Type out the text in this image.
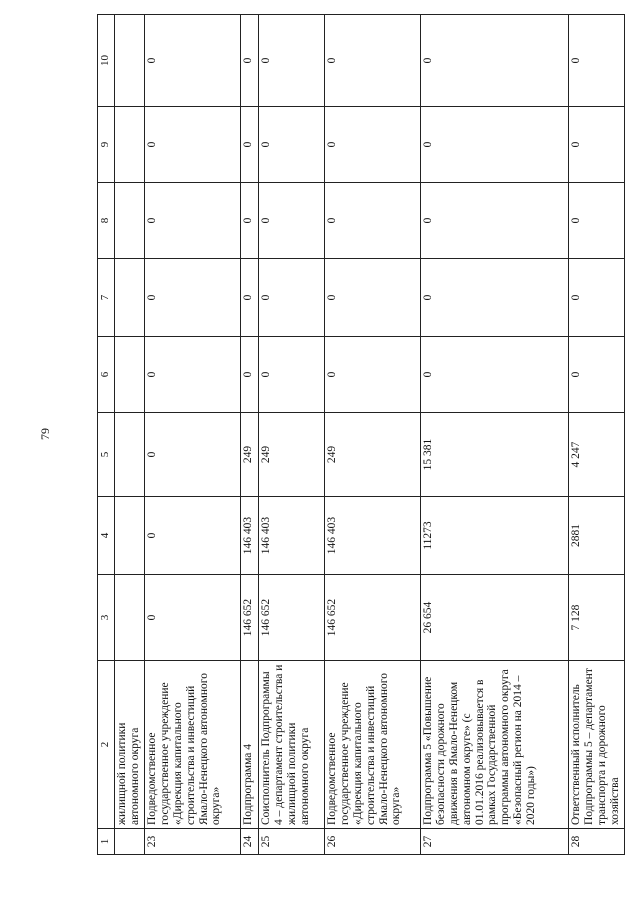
79
1	2	3	4	5	6	7	8	9	10
	жилищной политики автономного округа								
23	Подведомственное государственное учреждение «Дирекция капитального строительства и инвестиций Ямало-Ненецкого автономного округа»	0	0	0	0	0	0	0	0
24	Подпрограмма 4	146 652	146 403	249	0	0	0	0	0
25	Соисполнитель Подпрограммы 4 – департамент строительства и жилищной политики автономного округа	146 652	146 403	249	0	0	0	0	0
26	Подведомственное государственное учреждение «Дирекция капитального строительства и инвестиций Ямало-Ненецкого автономного округа»	146 652	146 403	249	0	0	0	0	0
27	Подпрограмма 5 «Повышение безопасности дорожного движения в Ямало-Ненецком автономном округе» (с 01.01.2016 реализовывается в рамках Государственной программы автономного округа «Безопасный регион на 2014 – 2020 годы»)	26 654	11273	15 381	0	0	0	0	0
28	Ответственный исполнитель Подпрограммы 5 – департамент транспорта и дорожного хозяйства	7 128	2881	4 247	0	0	0	0	0
